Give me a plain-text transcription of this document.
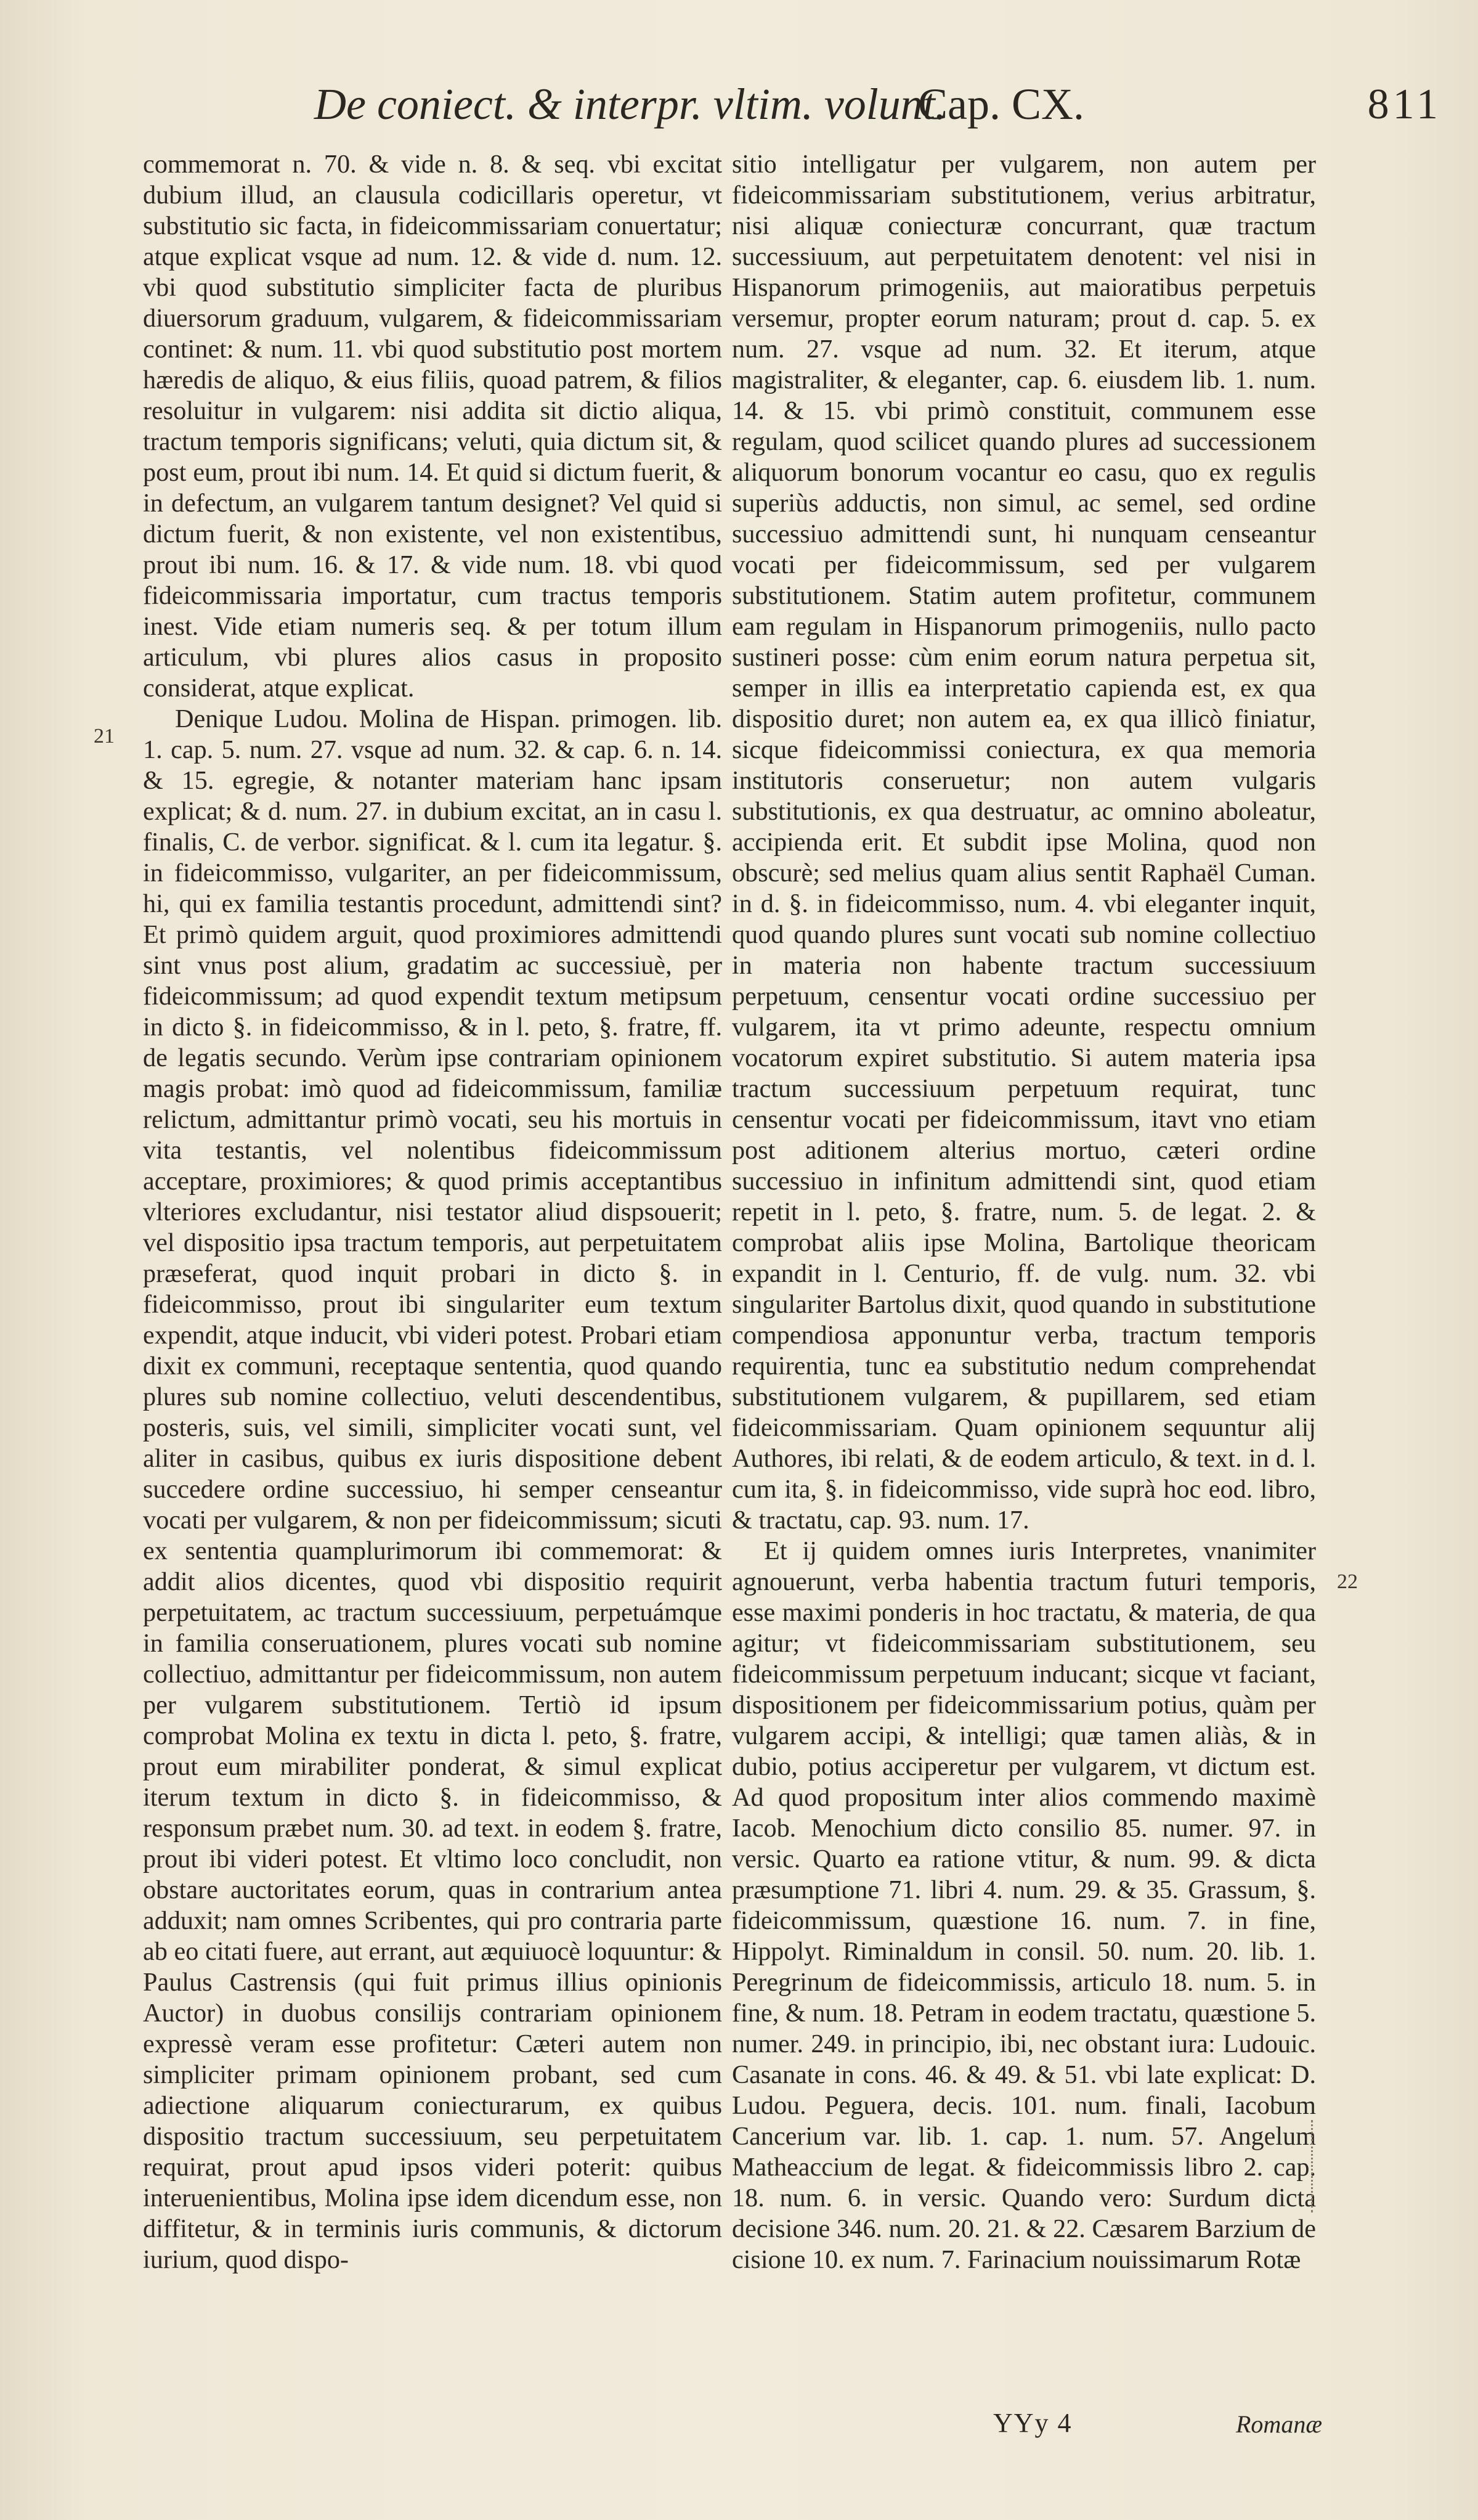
De coniect. & interpr. vltim. volunt.
Cap. CX.	811
21
22

commemorat n. 70. & vide n. 8. & seq. vbi excitat dubium illud, an clausula codicillaris operetur, vt substitutio sic facta, in fideicommissariam conuertatur; atque explicat vsque ad num. 12. & vide d. num. 12. vbi quod substitutio simpliciter facta de pluribus diuersorum graduum, vulgarem, & fideicommissariam continet: & num. 11. vbi quod substitutio post mortem hæredis de aliquo, & eius filiis, quoad patrem, & filios resoluitur in vulgarem: nisi addita sit dictio aliqua, tractum temporis significans; veluti, quia dictum sit, & post eum, prout ibi num. 14. Et quid si dictum fuerit, & in defectum, an vulgarem tantum designet? Vel quid si dictum fuerit, & non existente, vel non existentibus, prout ibi num. 16. & 17. & vide num. 18. vbi quod fideicommissaria importatur, cum tractus temporis inest. Vide etiam numeris seq. & per totum illum articulum, vbi plures alios casus in proposito considerat, atque explicat.

Denique Ludou. Molina de Hispan. primogen. lib. 1. cap. 5. num. 27. vsque ad num. 32. & cap. 6. n. 14. & 15. egregie, & notanter materiam hanc ipsam explicat; & d. num. 27. in dubium excitat, an in casu l. finalis, C. de verbor. significat. & l. cum ita legatur. §. in fideicommisso, vulgariter, an per fideicommissum, hi, qui ex familia testantis procedunt, admittendi sint? Et primò quidem arguit, quod proximiores admittendi sint vnus post alium, gradatim ac successiuè, per fideicommissum; ad quod expendit textum metipsum in dicto §. in fideicommisso, & in l. peto, §. fratre, ff. de legatis secundo. Verùm ipse contrariam opinionem magis probat: imò quod ad fideicommissum, familiæ relictum, admittantur primò vocati, seu his mortuis in vita testantis, vel nolentibus fideicommissum acceptare, proximiores; & quod primis acceptantibus vlteriores excludantur, nisi testator aliud dispsouerit; vel dispositio ipsa tractum temporis, aut perpetuitatem præseferat, quod inquit probari in dicto §. in fideicommisso, prout ibi singulariter eum textum expendit, atque inducit, vbi videri potest. Probari etiam dixit ex communi, receptaque sententia, quod quando plures sub nomine collectiuo, veluti descendentibus, posteris, suis, vel simili, simpliciter vocati sunt, vel aliter in casibus, quibus ex iuris dispositione debent succedere ordine successiuo, hi semper censeantur vocati per vulgarem, & non per fideicommissum; sicuti ex sententia quamplurimorum ibi commemorat: & addit alios dicentes, quod vbi dispositio requirit perpetuitatem, ac tractum successiuum, perpetuámque in familia conseruationem, plures vocati sub nomine collectiuo, admittantur per fideicommissum, non autem per vulgarem substitutionem. Tertiò id ipsum comprobat Molina ex textu in dicta l. peto, §. fratre, prout eum mirabiliter ponderat, & simul explicat iterum textum in dicto §. in fideicommisso, & responsum præbet num. 30. ad text. in eodem §. fratre, prout ibi videri potest. Et vltimo loco concludit, non obstare auctoritates eorum, quas in contrarium antea adduxit; nam omnes Scribentes, qui pro contraria parte ab eo citati fuere, aut errant, aut æquiuocè loquuntur: & Paulus Castrensis (qui fuit primus illius opinionis Auctor) in duobus consilijs contrariam opinionem expressè veram esse profitetur: Cæteri autem non simpliciter primam opinionem probant, sed cum adiectione aliquarum coniecturarum, ex quibus dispositio tractum successiuum, seu perpetuitatem requirat, prout apud ipsos videri poterit: quibus interuenientibus, Molina ipse idem dicendum esse, non diffitetur, & in terminis iuris communis, & dictorum iurium, quod dispo-

sitio intelligatur per vulgarem, non autem per fideicommissariam substitutionem, verius arbitratur, nisi aliquæ coniecturæ concurrant, quæ tractum successiuum, aut perpetuitatem denotent: vel nisi in Hispanorum primogeniis, aut maioratibus perpetuis versemur, propter eorum naturam; prout d. cap. 5. ex num. 27. vsque ad num. 32. Et iterum, atque magistraliter, & eleganter, cap. 6. eiusdem lib. 1. num. 14. & 15. vbi primò constituit, communem esse regulam, quod scilicet quando plures ad successionem aliquorum bonorum vocantur eo casu, quo ex regulis superiùs adductis, non simul, ac semel, sed ordine successiuo admittendi sunt, hi nunquam censeantur vocati per fideicommissum, sed per vulgarem substitutionem. Statim autem profitetur, communem eam regulam in Hispanorum primogeniis, nullo pacto sustineri posse: cùm enim eorum natura perpetua sit, semper in illis ea interpretatio capienda est, ex qua dispositio duret; non autem ea, ex qua illicò finiatur, sicque fideicommissi coniectura, ex qua memoria institutoris conseruetur; non autem vulgaris substitutionis, ex qua destruatur, ac omnino aboleatur, accipienda erit. Et subdit ipse Molina, quod non obscurè; sed melius quam alius sentit Raphaël Cuman. in d. §. in fideicommisso, num. 4. vbi eleganter inquit, quod quando plures sunt vocati sub nomine collectiuo in materia non habente tractum successiuum perpetuum, censentur vocati ordine successiuo per vulgarem, ita vt primo adeunte, respectu omnium vocatorum expiret substitutio. Si autem materia ipsa tractum successiuum perpetuum requirat, tunc censentur vocati per fideicommissum, itavt vno etiam post aditionem alterius mortuo, cæteri ordine successiuo in infinitum admittendi sint, quod etiam repetit in l. peto, §. fratre, num. 5. de legat. 2. & comprobat aliis ipse Molina, Bartolique theoricam expandit in l. Centurio, ff. de vulg. num. 32. vbi singulariter Bartolus dixit, quod quando in substitutione compendiosa apponuntur verba, tractum temporis requirentia, tunc ea substitutio nedum comprehendat substitutionem vulgarem, & pupillarem, sed etiam fideicommissariam. Quam opinionem sequuntur alij Authores, ibi relati, & de eodem articulo, & text. in d. l. cum ita, §. in fideicommisso, vide suprà hoc eod. libro, & tractatu, cap. 93. num. 17.

Et ij quidem omnes iuris Interpretes, vnanimiter agnouerunt, verba habentia tractum futuri temporis, esse maximi ponderis in hoc tractatu, & materia, de qua agitur; vt fideicommissariam substitutionem, seu fideicommissum perpetuum inducant; sicque vt faciant, dispositionem per fideicommissarium potius, quàm per vulgarem accipi, & intelligi; quæ tamen aliàs, & in dubio, potius acciperetur per vulgarem, vt dictum est. Ad quod propositum inter alios commendo maximè Iacob. Menochium dicto consilio 85. numer. 97. in versic. Quarto ea ratione vtitur, & num. 99. & dicta præsumptione 71. libri 4. num. 29. & 35. Grassum, §. fideicommissum, quæstione 16. num. 7. in fine, Hippolyt. Riminaldum in consil. 50. num. 20. lib. 1. Peregrinum de fideicommissis, articulo 18. num. 5. in fine, & num. 18. Petram in eodem tractatu, quæstione 5. numer. 249. in principio, ibi, nec obstant iura: Ludouic. Casanate in cons. 46. & 49. & 51. vbi late explicat: D. Ludou. Peguera, decis. 101. num. finali, Iacobum Cancerium var. lib. 1. cap. 1. num. 57. Angelum Matheaccium de legat. & fideicommissis libro 2. cap. 18. num. 6. in versic. Quando vero: Surdum dicta decisione 346. num. 20. 21. & 22. Cæsarem Barzium de cisione 10. ex num. 7. Farinacium nouissimarum Rotæ

YYy 4	Romanæ
